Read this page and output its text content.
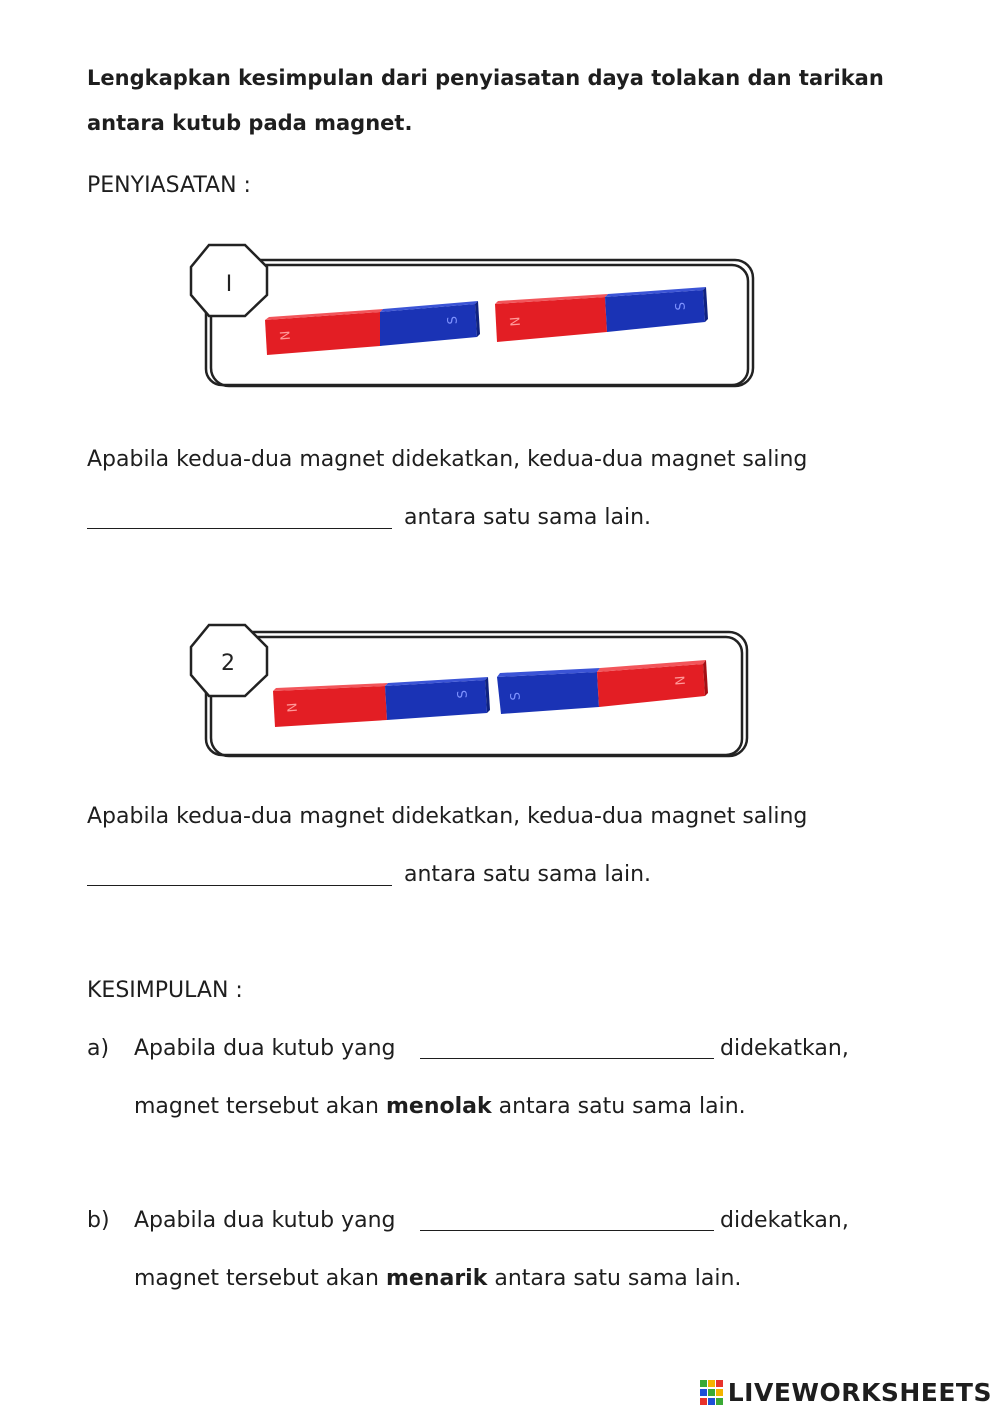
Lengkapkan kesimpulan dari penyiasatan daya tolakan dan tarikan
antara kutub pada magnet.
PENYIASATAN :
I
N
S	N
S
Apabila kedua-dua magnet didekatkan, kedua-dua magnet saling
antara satu sama lain.
2
N
S	S
N
Apabila kedua-dua magnet didekatkan, kedua-dua magnet saling
antara satu sama lain.
KESIMPULAN :
a) Apabila dua kutub yang	didekatkan,
magnet tersebut akan menolak antara satu sama lain.
b) Apabila dua kutub yang	didekatkan,
magnet tersebut akan menarik antara satu sama lain.
LIVEWORKSHEETS
